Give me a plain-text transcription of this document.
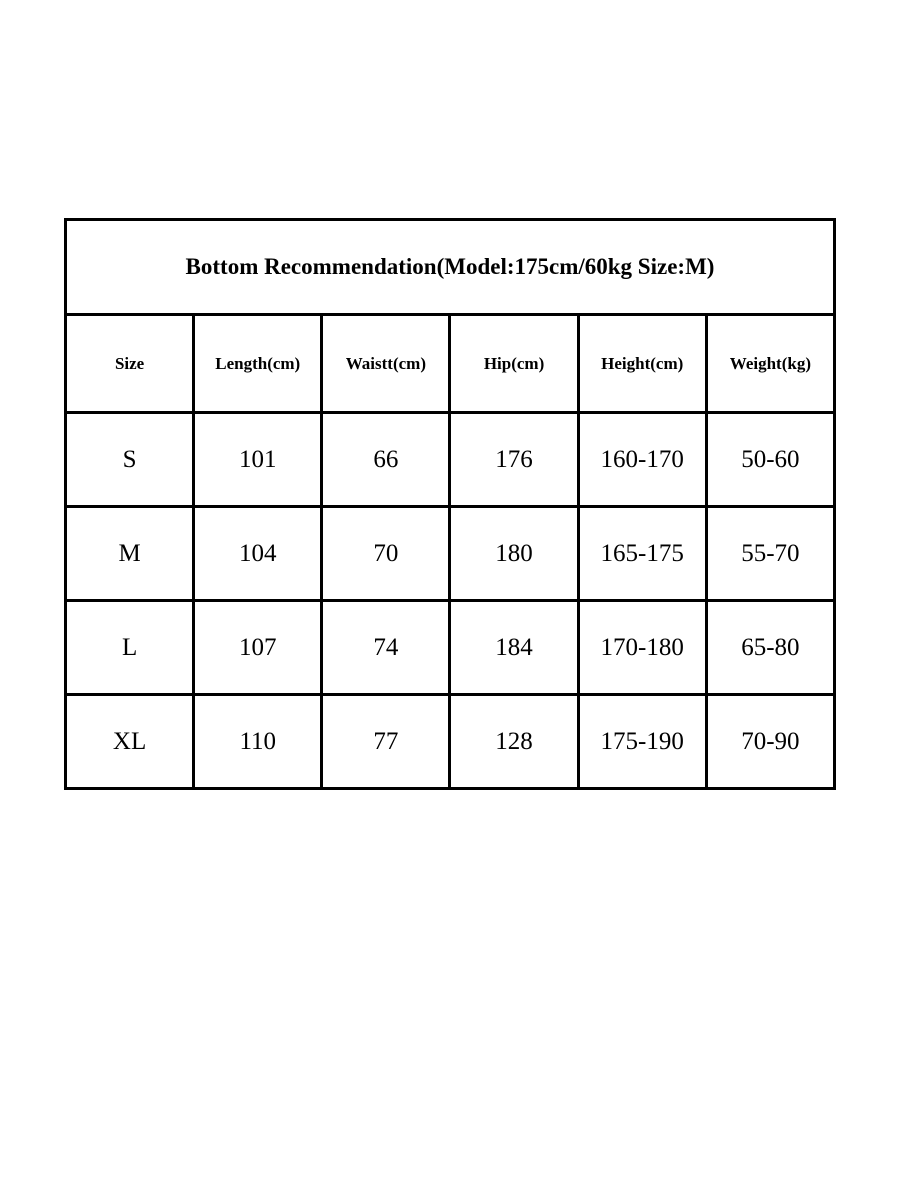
Bottom Recommendation(Model:175cm/60kg Size:M)					
Size	Length(cm)	Waistt(cm)	Hip(cm)	Height(cm)	Weight(kg)
S	101	66	176	160-170	50-60
M	104	70	180	165-175	55-70
L	107	74	184	170-180	65-80
XL	110	77	128	175-190	70-90
